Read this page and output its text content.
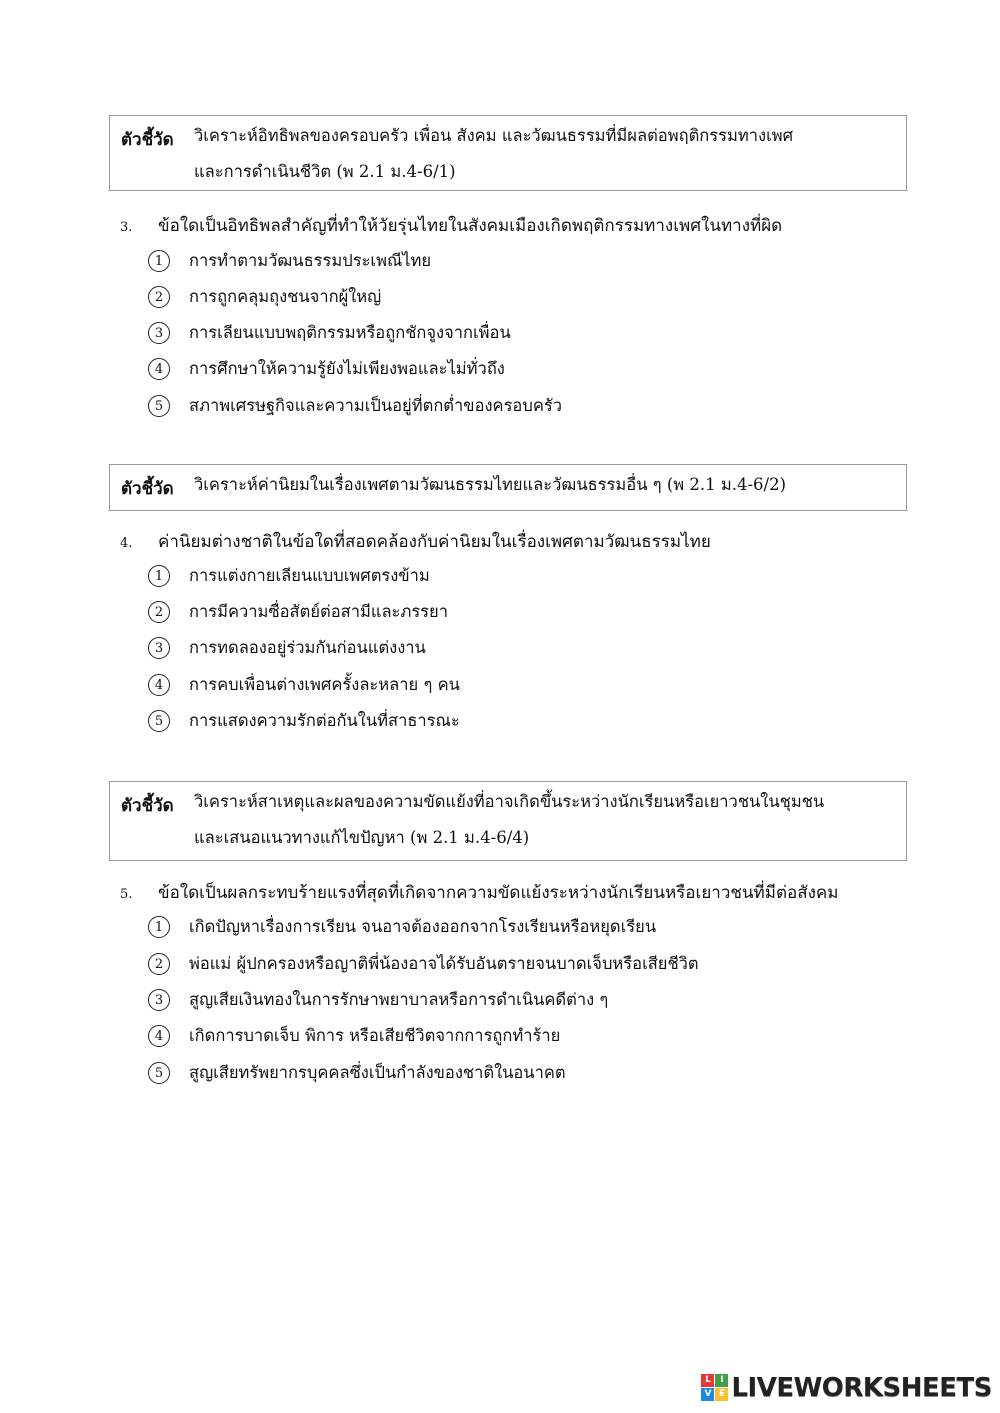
ตัวชี้วัด วิเคราะห์อิทธิพลของครอบครัว เพื่อน สังคม และวัฒนธรรมที่มีผลต่อพฤติกรรมทางเพศ
และการดำเนินชีวิต (พ 2.1 ม.4-6/1)
3. ข้อใดเป็นอิทธิพลสำคัญที่ทำให้วัยรุ่นไทยในสังคมเมืองเกิดพฤติกรรมทางเพศในทางที่ผิด
1 การทำตามวัฒนธรรมประเพณีไทย
2 การถูกคลุมถุงชนจากผู้ใหญ่
3 การเลียนแบบพฤติกรรมหรือถูกชักจูงจากเพื่อน
4 การศึกษาให้ความรู้ยังไม่เพียงพอและไม่ทั่วถึง
5 สภาพเศรษฐกิจและความเป็นอยู่ที่ตกต่ำของครอบครัว
ตัวชี้วัด วิเคราะห์ค่านิยมในเรื่องเพศตามวัฒนธรรมไทยและวัฒนธรรมอื่น ๆ (พ 2.1 ม.4-6/2)
4. ค่านิยมต่างชาติในข้อใดที่สอดคล้องกับค่านิยมในเรื่องเพศตามวัฒนธรรมไทย
1 การแต่งกายเลียนแบบเพศตรงข้าม
2 การมีความซื่อสัตย์ต่อสามีและภรรยา
3 การทดลองอยู่ร่วมกันก่อนแต่งงาน
4 การคบเพื่อนต่างเพศครั้งละหลาย ๆ คน
5 การแสดงความรักต่อกันในที่สาธารณะ
ตัวชี้วัด วิเคราะห์สาเหตุและผลของความขัดแย้งที่อาจเกิดขึ้นระหว่างนักเรียนหรือเยาวชนในชุมชน
และเสนอแนวทางแก้ไขปัญหา (พ 2.1 ม.4-6/4)
5. ข้อใดเป็นผลกระทบร้ายแรงที่สุดที่เกิดจากความขัดแย้งระหว่างนักเรียนหรือเยาวชนที่มีต่อสังคม
1 เกิดปัญหาเรื่องการเรียน จนอาจต้องออกจากโรงเรียนหรือหยุดเรียน
2 พ่อแม่ ผู้ปกครองหรือญาติพี่น้องอาจได้รับอันตรายจนบาดเจ็บหรือเสียชีวิต
3 สูญเสียเงินทองในการรักษาพยาบาลหรือการดำเนินคดีต่าง ๆ
4 เกิดการบาดเจ็บ พิการ หรือเสียชีวิตจากการถูกทำร้าย
5 สูญเสียทรัพยากรบุคคลซึ่งเป็นกำลังของชาติในอนาคต
L	I
V E LIVEWORKSHEETS
